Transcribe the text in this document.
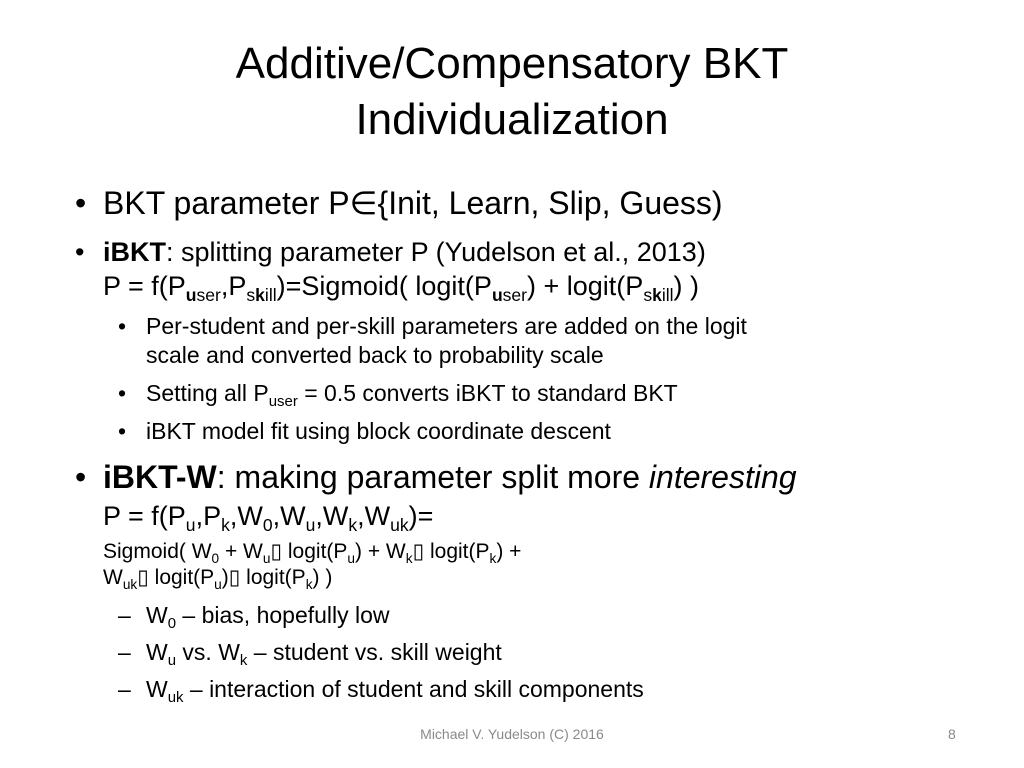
Additive/Compensatory BKT
Individualization
• BKT parameter P∈{Init, Learn, Slip, Guess)
• iBKT: splitting parameter P (Yudelson et al., 2013)
$P = f(P_{user},P_{skill})=Sigmoid$( $logit(P_{user})$ + $logit(P_{skill})$ )
• Per-student and per-skill parameters are added on the logit
scale and converted back to probability scale
• Setting all $P_{user} = 0.5$ converts iBKT to standard BKT
• iBKT model fit using block coordinate descent
• iBKT-W: making parameter split more interesting
$P = f(P_u,P_k,W_0,W_u,W_k,W_{uk})=$
Sigmoid( $W_0$ + $W_u▯$ $logit(P_u)$ + $W_k▯$ $logit(P_k)$ +
$W_{uk}▯$ $logit(P_u)▯$ $logit(P_k)$ )
– $W_0$ – bias, hopefully low
– $W_u$ vs. $W_k$ – student vs. skill weight
– $W_{uk}$ – interaction of student and skill components
Michael V. Yudelson (C) 2016	8
